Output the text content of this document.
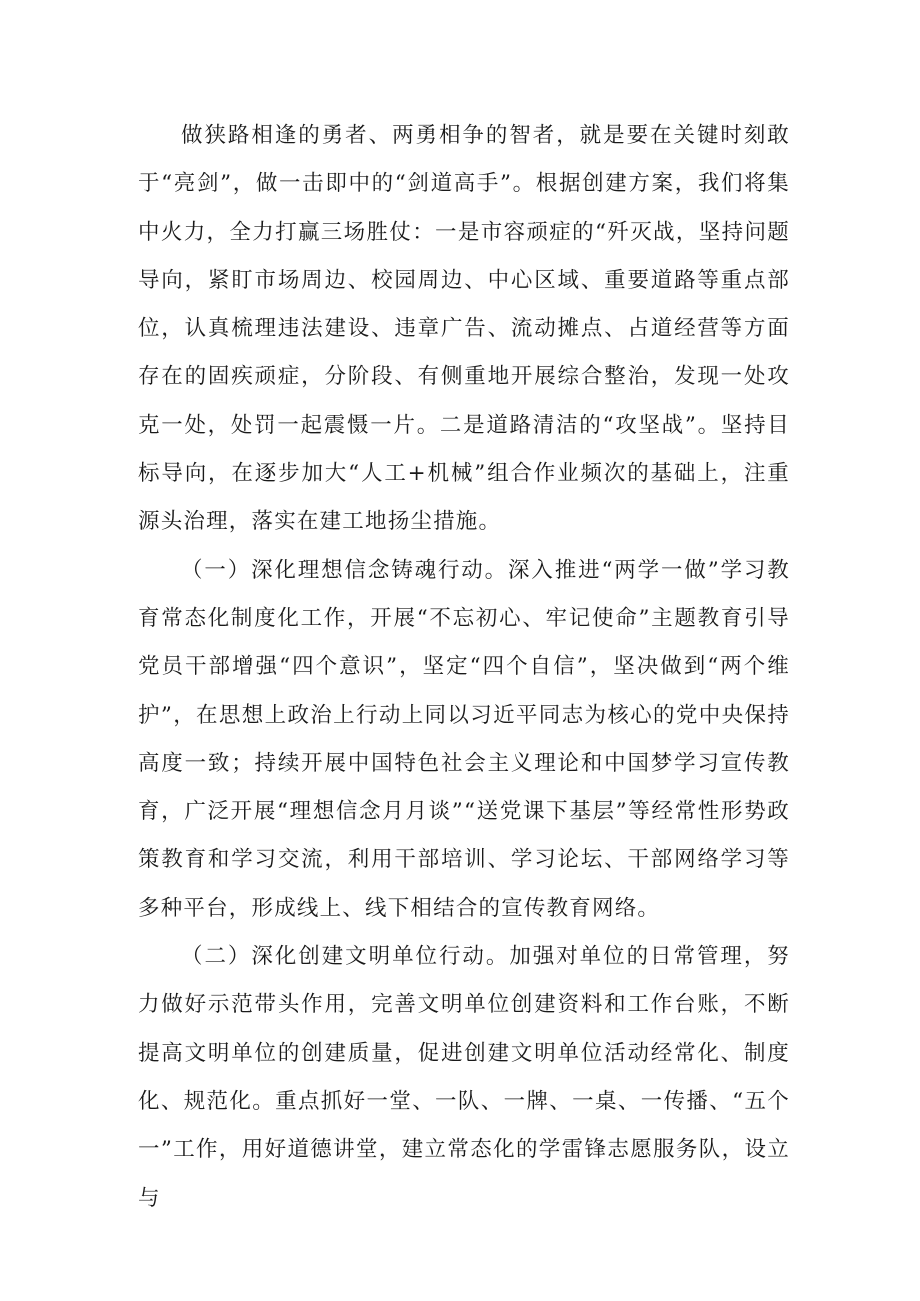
做狭路相逢的勇者、两勇相争的智者，就是要在关键时刻敢于“亮剑”，做一击即中的“剑道高手”。根据创建方案，我们将集中火力，全力打赢三场胜仗：一是市容顽症的“歼灭战，坚持问题导向，紧盯市场周边、校园周边、中心区域、重要道路等重点部位，认真梳理违法建设、违章广告、流动摊点、占道经营等方面存在的固疾顽症，分阶段、有侧重地开展综合整治，发现一处攻克一处，处罚一起震慑一片。二是道路清洁的“攻坚战”。坚持目标导向，在逐步加大“人工+机械”组合作业频次的基础上，注重源头治理，落实在建工地扬尘措施。

（一）深化理想信念铸魂行动。深入推进“两学一做”学习教育常态化制度化工作，开展“不忘初心、牢记使命”主题教育引导党员干部增强“四个意识”，坚定“四个自信”，坚决做到“两个维护”，在思想上政治上行动上同以习近平同志为核心的党中央保持高度一致；持续开展中国特色社会主义理论和中国梦学习宣传教育，广泛开展“理想信念月月谈”“送党课下基层”等经常性形势政策教育和学习交流，利用干部培训、学习论坛、干部网络学习等多种平台，形成线上、线下相结合的宣传教育网络。

（二）深化创建文明单位行动。加强对单位的日常管理，努力做好示范带头作用，完善文明单位创建资料和工作台账，不断提高文明单位的创建质量，促进创建文明单位活动经常化、制度化、规范化。重点抓好一堂、一队、一牌、一桌、一传播、“五个一”工作，用好道德讲堂，建立常态化的学雷锋志愿服务队，设立与
